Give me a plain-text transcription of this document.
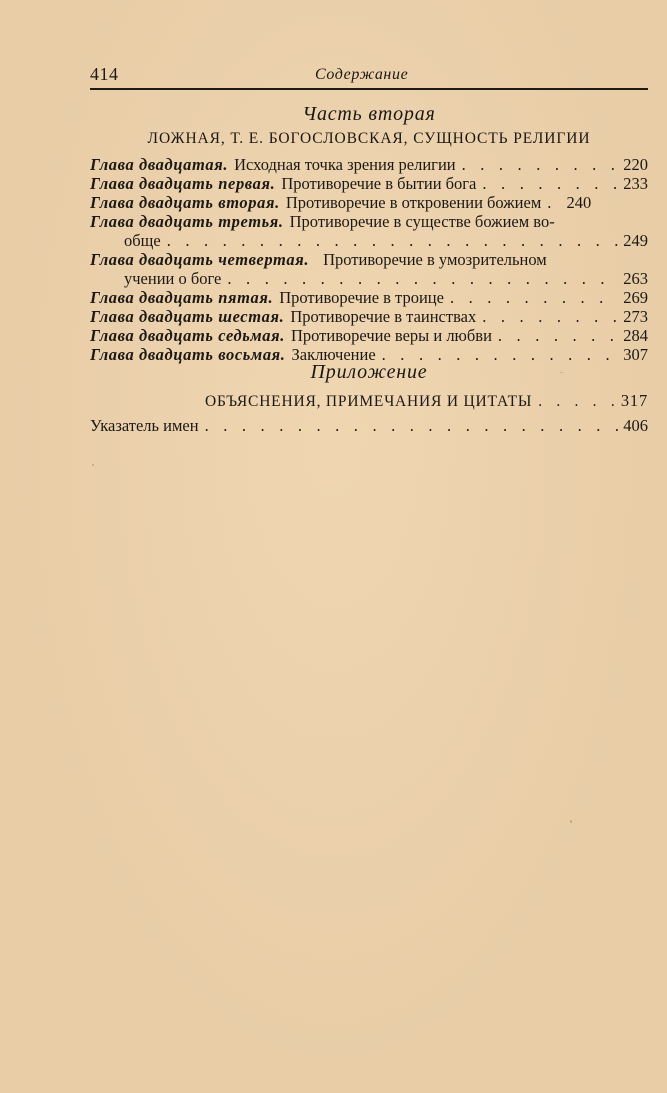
414	Содержание
Часть вторая
ЛОЖНАЯ, Т. Е. БОГОСЛОВСКАЯ, СУЩНОСТЬ РЕЛИГИИ
Глава двадцатая. Исходная точка зрения религии . . .	220
Глава двадцать первая. Противоречие в бытии бога . . .	233
Глава двадцать вторая. Противоречие в откровении божием . . . 240
Глава двадцать третья. Противоречие в существе божием во-
обще . . .	249
Глава двадцать четвертая. Противоречие в умозрительном
учении о боге . . .	263
Глава двадцать пятая. Противоречие в троице . . .	269
Глава двадцать шестая. Противоречие в таинствах . . .	273
Глава двадцать седьмая. Противоречие веры и любви . . .	284
Глава двадцать восьмая. Заключение . . .	307
Приложение
ОБЪЯСНЕНИЯ, ПРИМЕЧАНИЯ И ЦИТАТЫ . . .	317
Указатель имен . . .	406
